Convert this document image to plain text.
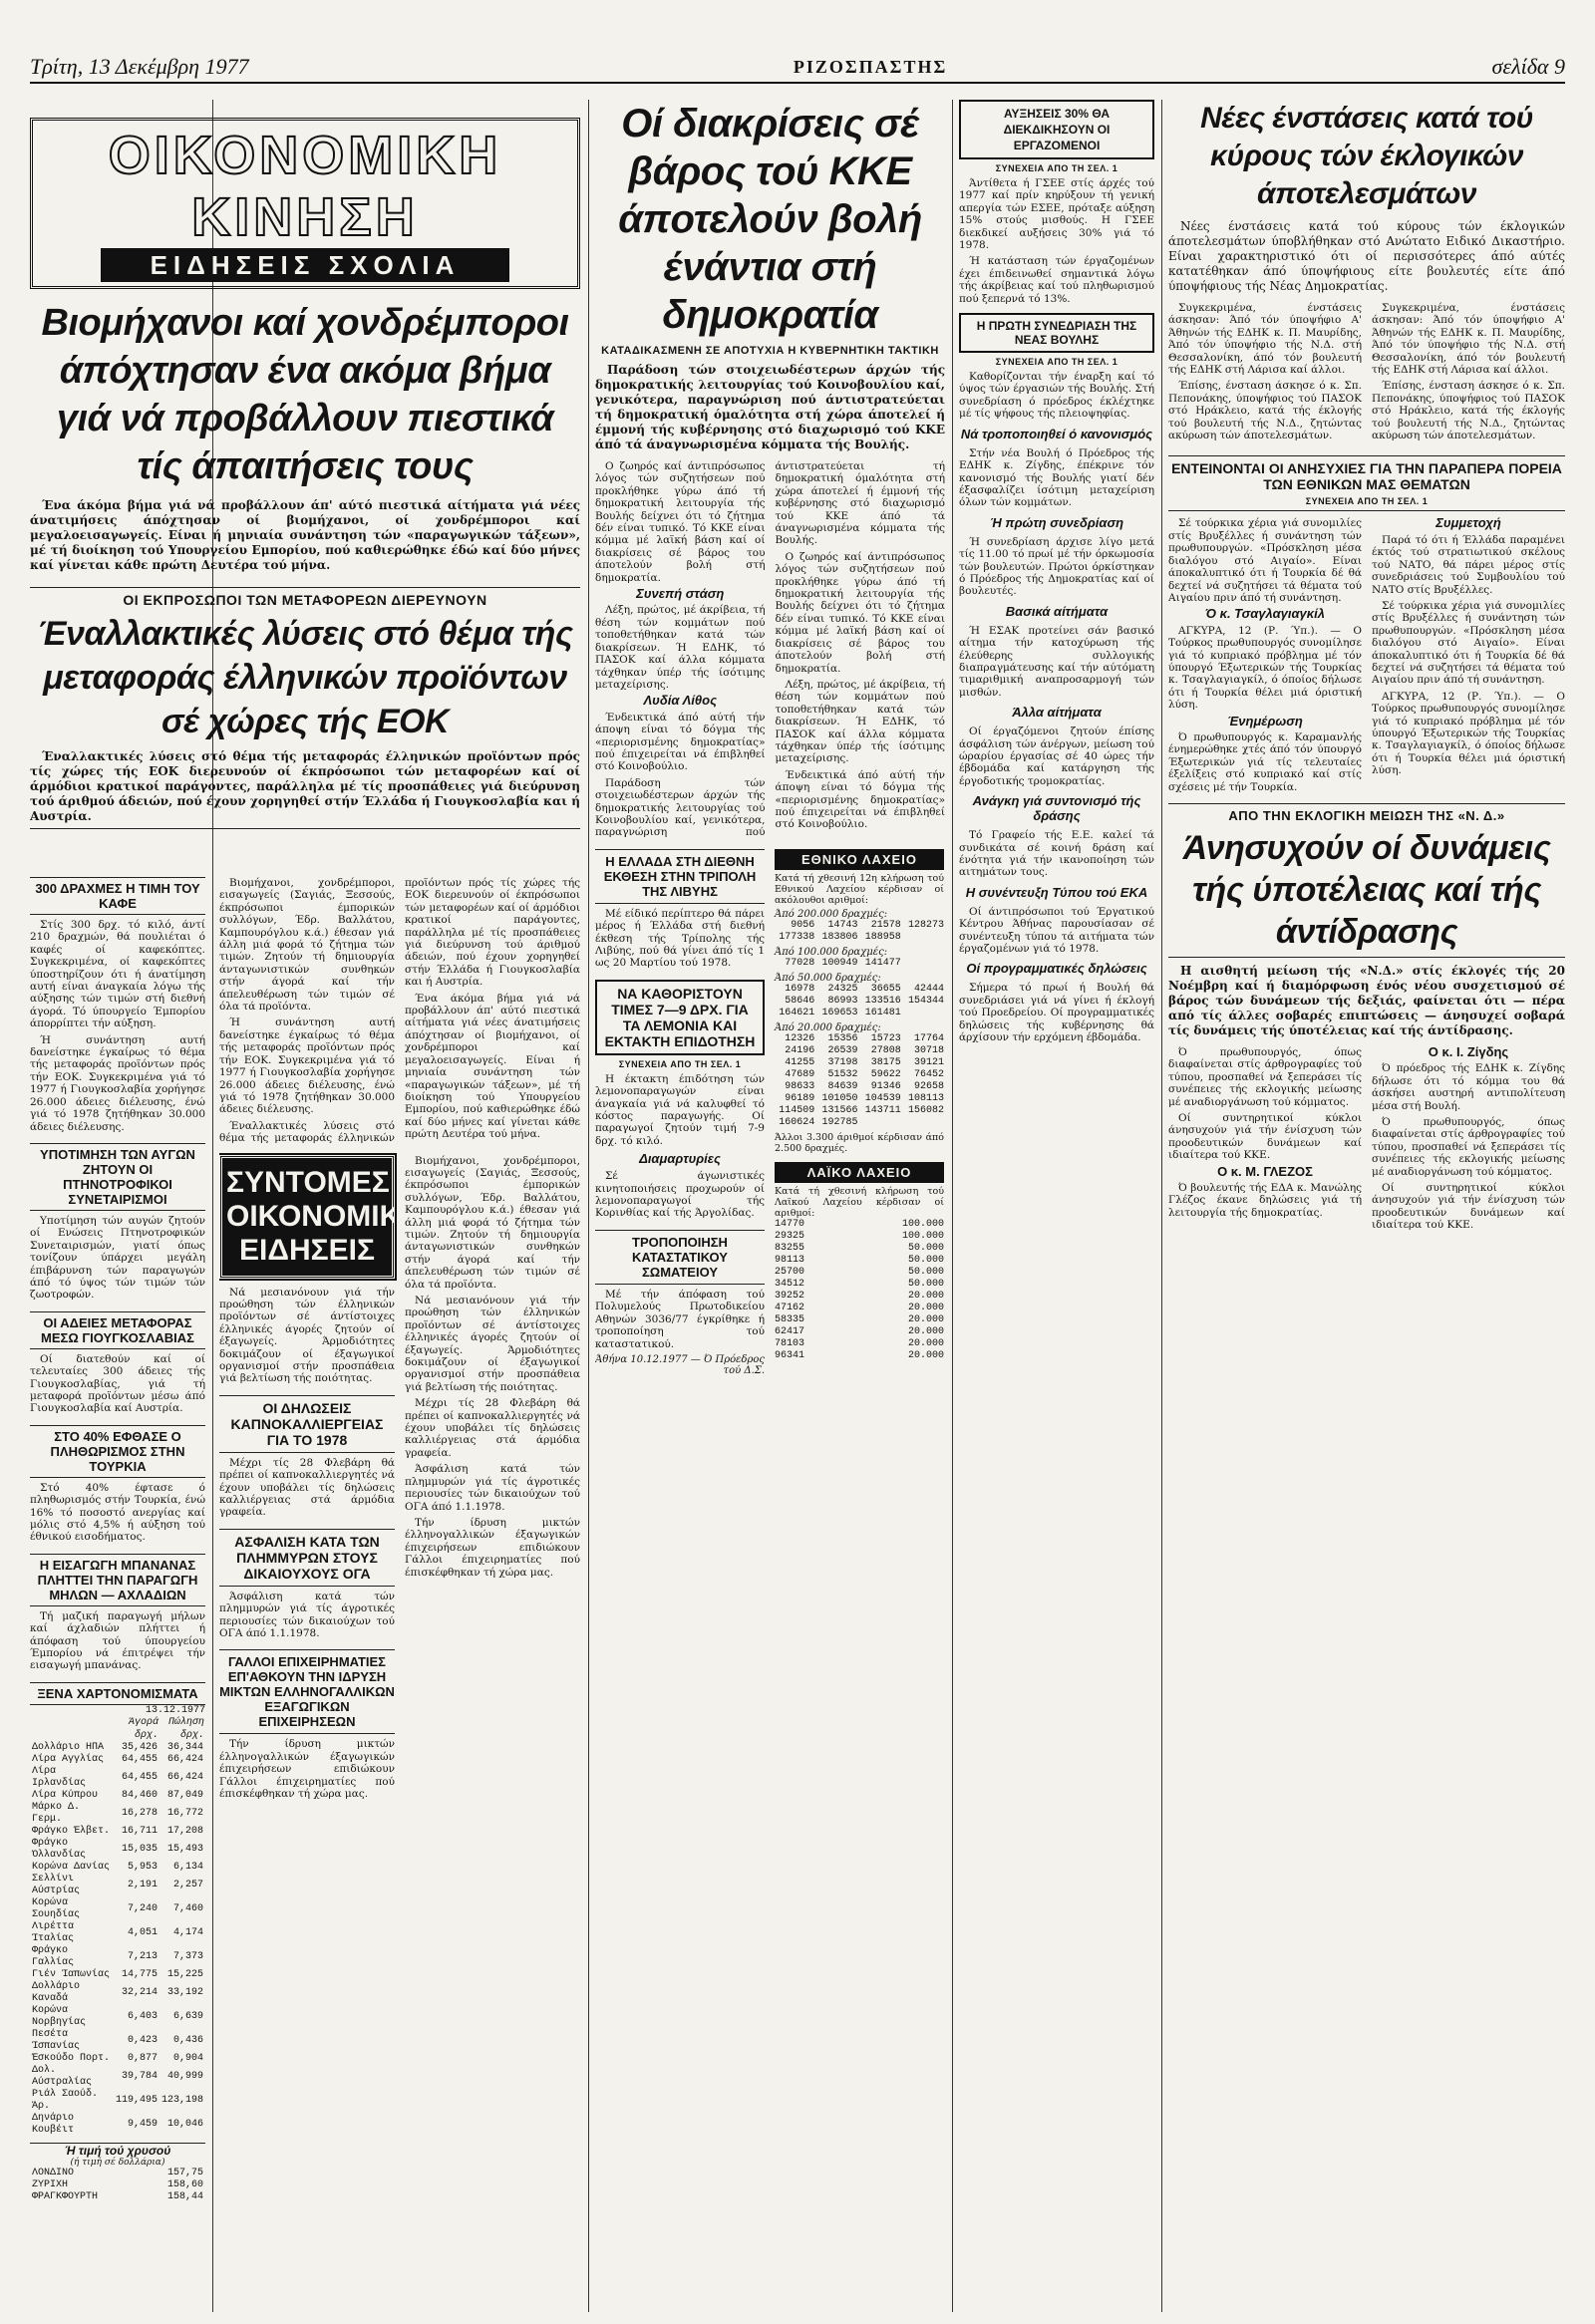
Τρίτη, 13 Δεκέμβρη 1977	ΡΙΖΟΣΠΑΣΤΗΣ	σελίδα 9
ΟΙΚΟΝΟΜΙΚΗ ΚΙΝΗΣΗ
ΕΙΔΗΣΕΙΣ ΣΧΟΛΙΑ
Βιομήχανοι καί χονδρέμποροι άπόχτησαν ένα ακόμα βήμα γιά νά προβάλλουν πιεστικά τίς άπαιτήσεις τους
Ένα άκόμα βήμα γιά νά προβάλλουν άπ' αύτό πιεστικά αίτήματα γιά νέες άνατιμήσεις άπόχτησαν οί βιομήχανοι, οί χονδρέμποροι καί μεγαλοεισαγωγείς. Είναι ή μηνιαία συνάντηση τών «παραγωγικών τάξεων», μέ τή διοίκηση τού Υπουργείου Εμπορίου, πού καθιερώθηκε έδώ καί δύο μήνες καί γίνεται κάθε πρώτη Δευτέρα τού μήνα.
ΟΙ ΕΚΠΡΟΣΩΠΟΙ ΤΩΝ ΜΕΤΑΦΟΡΕΩΝ ΔΙΕΡΕΥΝΟΥΝ
Έναλλακτικές λύσεις στό θέμα τής μεταφοράς έλληνικών προϊόντων σέ χώρες τής ΕΟΚ
Έναλλακτικές λύσεις στό θέμα τής μεταφοράς έλληνικών προϊόντων πρός τίς χώρες τής ΕΟΚ διερευνούν οί έκπρόσωποι τών μεταφορέων καί οί άρμόδιοι κρατικοί παράγοντες, παράλληλα μέ τίς προσπάθειες γιά διεύρυνση τού άριθμού άδειών, πού έχουν χορηγηθεί στήν Έλλάδα ή Γιουγκοσλαβία και ή Αυστρία.
300 ΔΡΑΧΜΕΣ Η ΤΙΜΗ ΤΟΥ ΚΑΦΕ

Στίς 300 δρχ. τό κιλό, άντί 210 δραχμών, θά πουλιέται ό καφές οί καφεκόπτες. Συγκεκριμένα, οί καφεκόπτες ύποστηρίζουν ότι ή άνατίμηση αυτή είναι άναγκαία λόγω τής αύξησης τών τιμών στή διεθνή άγορά. Τό ύπουργείο Έμπορίου άπορρίπτει τήν αύξηση.

Ή συνάντηση αυτή δανείστηκε έγκαίρως τό θέμα τής μεταφοράς προϊόντων πρός τήν ΕΟΚ. Συγκεκριμένα γιά τό 1977 ή Γιουγκοσλαβία χορήγησε 26.000 άδειες διέλευσης, ένώ γιά τό 1978 ζητήθηκαν 30.000 άδειες διέλευσης.

ΥΠΟΤΙΜΗΣΗ ΤΩΝ ΑΥΓΩΝ ΖΗΤΟΥΝ ΟΙ ΠΤΗΝΟΤΡΟΦΙΚΟΙ ΣΥΝΕΤΑΙΡΙΣΜΟΙ

Υποτίμηση τών αυγών ζητούν οί Ενώσεις Πτηνοτροφικών Συνεταιρισμών, γιατί όπως τονίζουν ύπάρχει μεγάλη έπιβάρυνση τών παραγωγών άπό τό ύψος τών τιμών τών ζωοτροφών.

ΟΙ ΑΔΕΙΕΣ ΜΕΤΑΦΟΡΑΣ ΜΕΣΩ ΓΙΟΥΓΚΟΣΛΑΒΙΑΣ

Οί διατεθούν καί οί τελευταίες 300 άδειες τής Γιουγκοσλαβίας, γιά τή μεταφορά προϊόντων μέσω άπό Γιουγκοσλαβία καί Αυστρία.

ΣΤΟ 40% ΕΦΘΑΣΕ Ο ΠΛΗΘΩΡΙΣΜΟΣ ΣΤΗΝ ΤΟΥΡΚΙΑ

Στό 40% έφτασε ό πληθωρισμός στήν Τουρκία, ένώ 16% τό ποσοστό ανεργίας καί μόλις στό 4,5% ή αύξηση τού έθνικού εισοδήματος.

Η ΕΙΣΑΓΩΓΗ ΜΠΑΝΑΝΑΣ ΠΛΗΤΤΕΙ ΤΗΝ ΠΑΡΑΓΩΓΗ ΜΗΛΩΝ — ΑΧΛΑΔΙΩΝ

Τή μαζική παραγωγή μήλων καί άχλαδιών πλήττει ή άπόφαση τού ύπουργείου Έμπορίου νά έπιτρέψει τήν εισαγωγή μπανάνας.

ΞΕΝΑ ΧΑΡΤΟΝΟΜΙΣΜΑΤΑ
13.12.1977
	Άγορά	Πώληση
	δρχ.	δρχ.
Δολλάριο ΗΠΑ	35,426	36,344
Λίρα Αγγλίας	64,455	66,424
Λίρα Ιρλανδίας	64,455	66,424
Λίρα Κύπρου	84,460	87,049
Μάρκο Δ. Γερμ.	16,278	16,772
Φράγκο Έλβετ.	16,711	17,208
Φράγκο Όλλανδίας	15,035	15,493
Κορώνα Δανίας	5,953	6,134
Σελλίνι Αύστρίας	2,191	2,257
Κορώνα Σουηδίας	7,240	7,460
Λιρέττα Ίταλίας	4,051	4,174
Φράγκο Γαλλίας	7,213	7,373
Γιέν Ίαπωνίας	14,775	15,225
Δολλάριο Καναδά	32,214	33,192
Κορώνα Νορβηγίας	6,403	6,639
Πεσέτα Ίσπανίας	0,423	0,436
Έσκούδο Πορτ.	0,877	0,904
Δολ. Αύστραλίας	39,784	40,999
Ριάλ Σαούδ. Άρ.	119,495	123,198
Δηνάριο Κουβέιτ	9,459	10,046
Ή τιμή τού χρυσού
(ή τιμή σέ δολλάρια)
ΛΟΝΔΙΝΟ	157,75
ΖΥΡΙΧΗ	158,60
ΦΡΑΓΚΦΟΥΡΤΗ	158,44

Βιομήχανοι, χονδρέμποροι, εισαγωγείς (Σαγιάς, Ξεσσούς, έκπρόσωποι έμπορικών συλλόγων, Έδρ. Βαλλάτου, Καμπουρόγλου κ.ά.) έθεσαν γιά άλλη μιά φορά τό ζήτημα τών τιμών. Ζητούν τή δημιουργία άνταγωνιστικών συνθηκών στήν άγορά καί τήν άπελευθέρωση τών τιμών σέ όλα τά προϊόντα.

Ή συνάντηση αυτή δανείστηκε έγκαίρως τό θέμα τής μεταφοράς προϊόντων πρός τήν ΕΟΚ. Συγκεκριμένα γιά τό 1977 ή Γιουγκοσλαβία χορήγησε 26.000 άδειες διέλευσης, ένώ γιά τό 1978 ζητήθηκαν 30.000 άδειες διέλευσης.

Έναλλακτικές λύσεις στό θέμα τής μεταφοράς έλληνικών προϊόντων πρός τίς χώρες τής ΕΟΚ διερευνούν οί έκπρόσωποι τών μεταφορέων καί οί άρμόδιοι κρατικοί παράγοντες, παράλληλα μέ τίς προσπάθειες γιά διεύρυνση τού άριθμού άδειών, πού έχουν χορηγηθεί στήν Έλλάδα ή Γιουγκοσλαβία και ή Αυστρία.

Ένα άκόμα βήμα γιά νά προβάλλουν άπ' αύτό πιεστικά αίτήματα γιά νέες άνατιμήσεις άπόχτησαν οί βιομήχανοι, οί χονδρέμποροι καί μεγαλοεισαγωγείς. Είναι ή μηνιαία συνάντηση τών «παραγωγικών τάξεων», μέ τή διοίκηση τού Υπουργείου Εμπορίου, πού καθιερώθηκε έδώ καί δύο μήνες καί γίνεται κάθε πρώτη Δευτέρα τού μήνα.

ΣΥΝΤΟΜΕΣ ΟΙΚΟΝΟΜΙΚΕΣ ΕΙΔΗΣΕΙΣ

Νά μεσιανόνουν γιά τήν προώθηση τών έλληνικών προϊόντων σέ άντίστοιχες έλληνικές άγορές ζητούν οί έξαγωγείς. Άρμοδιότητες δοκιμάζουν οί έξαγωγικοί οργανισμοί στήν προσπάθεια γιά βελτίωση τής ποιότητας.

ΟΙ ΔΗΛΩΣΕΙΣ ΚΑΠΝΟΚΑΛΛΙΕΡΓΕΙΑΣ ΓΙΑ ΤΟ 1978

Μέχρι τίς 28 Φλεβάρη θά πρέπει οί καπνοκαλλιεργητές νά έχουν υποβάλει τίς δηλώσεις καλλιέργειας στά άρμόδια γραφεία.

ΑΣΦΑΛΙΣΗ ΚΑΤΑ ΤΩΝ ΠΛΗΜΜΥΡΩΝ ΣΤΟΥΣ ΔΙΚΑΙΟΥΧΟΥΣ ΟΓΑ

Άσφάλιση κατά τών πλημμυρών γιά τίς άγροτικές περιουσίες τών δικαιούχων τού ΟΓΑ άπό 1.1.1978.

ΓΑΛΛΟΙ ΕΠΙΧΕΙΡΗΜΑΤΙΕΣ ΕΠ'ΑΘΚΟΥΝ ΤΗΝ ΙΔΡΥΣΗ ΜΙΚΤΩΝ ΕΛΛΗΝΟΓΑΛΛΙΚΩΝ ΕΞΑΓΩΓΙΚΩΝ ΕΠΙΧΕΙΡΗΣΕΩΝ

Τήν ίδρυση μικτών έλληνογαλλικών έξαγωγικών έπιχειρήσεων επιδιώκουν Γάλλοι έπιχειρηματίες πού έπισκέφθηκαν τή χώρα μας.

Βιομήχανοι, χονδρέμποροι, εισαγωγείς (Σαγιάς, Ξεσσούς, έκπρόσωποι έμπορικών συλλόγων, Έδρ. Βαλλάτου, Καμπουρόγλου κ.ά.) έθεσαν γιά άλλη μιά φορά τό ζήτημα τών τιμών. Ζητούν τή δημιουργία άνταγωνιστικών συνθηκών στήν άγορά καί τήν άπελευθέρωση τών τιμών σέ όλα τά προϊόντα.

Νά μεσιανόνουν γιά τήν προώθηση τών έλληνικών προϊόντων σέ άντίστοιχες έλληνικές άγορές ζητούν οί έξαγωγείς. Άρμοδιότητες δοκιμάζουν οί έξαγωγικοί οργανισμοί στήν προσπάθεια γιά βελτίωση τής ποιότητας.

Μέχρι τίς 28 Φλεβάρη θά πρέπει οί καπνοκαλλιεργητές νά έχουν υποβάλει τίς δηλώσεις καλλιέργειας στά άρμόδια γραφεία.

Άσφάλιση κατά τών πλημμυρών γιά τίς άγροτικές περιουσίες τών δικαιούχων τού ΟΓΑ άπό 1.1.1978.

Τήν ίδρυση μικτών έλληνογαλλικών έξαγωγικών έπιχειρήσεων επιδιώκουν Γάλλοι έπιχειρηματίες πού έπισκέφθηκαν τή χώρα μας.

Οί διακρίσεις σέ βάρος τού ΚΚΕ άποτελούν βολή ένάντια στή δημοκρατία
ΚΑΤΑΔΙΚΑΣΜΕΝΗ ΣΕ ΑΠΟΤΥΧΙΑ Η ΚΥΒΕΡΝΗΤΙΚΗ ΤΑΚΤΙΚΗ
Παράδοση τών στοιχειωδέστερων άρχών τής δημοκρατικής λειτουργίας τού Κοινοβουλίου καί, γενικότερα, παραγνώριση πού άντιστρατεύεται τή δημοκρατική όμαλότητα στή χώρα άποτελεί ή έμμονή τής κυβέρνησης στό διαχωρισμό τού ΚΚΕ άπό τά άναγνωρισμένα κόμματα τής Βουλής.

Ο ζωηρός καί άντιπρόσωπος λόγος τών συζητήσεων πού προκλήθηκε γύρω άπό τή δημοκρατική λειτουργία τής Βουλής δείχνει ότι τό ζήτημα δέν είναι τυπικό. Τό ΚΚΕ είναι κόμμα μέ λαϊκή βάση καί οί διακρίσεις σέ βάρος του άποτελούν βολή στή δημοκρατία.

Συνεπή στάση

Λέξη, πρώτος, μέ άκρίβεια, τή θέση τών κομμάτων πού τοποθετήθηκαν κατά τών διακρίσεων. Ή ΕΔΗΚ, τό ΠΑΣΟΚ καί άλλα κόμματα τάχθηκαν ύπέρ τής ίσότιμης μεταχείρισης.

Λυδία Λίθος

Ένδεικτικά άπό αύτή τήν άποψη είναι τό δόγμα τής «περιορισμένης δημοκρατίας» πού έπιχειρείται νά έπιβληθεί στό Κοινοβούλιο.

Παράδοση τών στοιχειωδέστερων άρχών τής δημοκρατικής λειτουργίας τού Κοινοβουλίου καί, γενικότερα, παραγνώριση πού άντιστρατεύεται τή δημοκρατική όμαλότητα στή χώρα άποτελεί ή έμμονή τής κυβέρνησης στό διαχωρισμό τού ΚΚΕ άπό τά άναγνωρισμένα κόμματα τής Βουλής.

Ο ζωηρός καί άντιπρόσωπος λόγος τών συζητήσεων πού προκλήθηκε γύρω άπό τή δημοκρατική λειτουργία τής Βουλής δείχνει ότι τό ζήτημα δέν είναι τυπικό. Τό ΚΚΕ είναι κόμμα μέ λαϊκή βάση καί οί διακρίσεις σέ βάρος του άποτελούν βολή στή δημοκρατία.

Λέξη, πρώτος, μέ άκρίβεια, τή θέση τών κομμάτων πού τοποθετήθηκαν κατά τών διακρίσεων. Ή ΕΔΗΚ, τό ΠΑΣΟΚ καί άλλα κόμματα τάχθηκαν ύπέρ τής ίσότιμης μεταχείρισης.

Ένδεικτικά άπό αύτή τήν άποψη είναι τό δόγμα τής «περιορισμένης δημοκρατίας» πού έπιχειρείται νά έπιβληθεί στό Κοινοβούλιο.

Η ΕΛΛΑΔΑ ΣΤΗ ΔΙΕΘΝΗ ΕΚΘΕΣΗ ΣΤΗΝ ΤΡΙΠΟΛΗ ΤΗΣ ΛΙΒΥΗΣ

Μέ είδικό περίπτερο θά πάρει μέρος ή Έλλάδα στή διεθνή έκθεση τής Τρίπολης τής Λιβύης, πού θά γίνει άπό τίς 1 ως 20 Μαρτίου τού 1978.

ΝΑ ΚΑΘΟΡΙΣΤΟΥΝ ΤΙΜΕΣ 7—9 ΔΡΧ. ΓΙΑ ΤΑ ΛΕΜΟΝΙΑ ΚΑΙ ΕΚΤΑΚΤΗ ΕΠΙΔΟΤΗΣΗ
ΣΥΝΕΧΕΙΑ ΑΠΟ ΤΗ ΣΕΛ. 1

Η έκτακτη έπιδότηση τών λεμονοπαραγωγών είναι άναγκαία γιά νά καλυφθεί τό κόστος παραγωγής. Οί παραγωγοί ζητούν τιμή 7-9 δρχ. τό κιλό.

Διαμαρτυρίες

Σέ άγωνιστικές κινητοποιήσεις προχωρούν οί λεμονοπαραγωγοί τής Κορινθίας καί τής Άργολίδας.

ΤΡΟΠΟΠΟΙΗΣΗ ΚΑΤΑΣΤΑΤΙΚΟΥ ΣΩΜΑΤΕΙΟΥ

Μέ τήν άπόφαση τού Πολυμελούς Πρωτοδικείου Αθηνών 3036/77 έγκρίθηκε ή τροποποίηση τού καταστατικού.

Άθήνα 10.12.1977 — Ό Πρόεδρος τού Δ.Σ.
ΕΘΝΙΚΟ ΛΑΧΕΙΟ
Κατά τή χθεσινή 12η κλήρωση τού Εθνικού Λαχείου κέρδισαν οί ακόλουθοι αριθμοί:
Άπό 200.000 δραχμές:
9056	14743	21578 128273
177338 183806 188958
Άπό 100.000 δραχμές:
77028 100949 141477
Άπό 50.000 δραχμές:
16978	24325	36655	42444
58646	86993 133516 154344
164621 169653 161481
Άπό 20.000 δραχμές:
12326	15356	15723	17764
24196	26539	27808	30718
41255	37198	38175	39121
47689	51532	59622	76452
98633	84639	91346	92658
96189 101050 104539 108113
114509 131566 143711 156082
160624 192785
Άλλοι 3.300 άριθμοί κέρδισαν άπό 2.500 δραχμές.
ΛΑΪΚΟ ΛΑΧΕΙΟ
Κατά τή χθεσινή κλήρωση τού Λαϊκού Λαχείου κέρδισαν οί αριθμοί:
14770	100.000
29325	100.000
83255	50.000
98113	50.000
25700	50.000
34512	50.000
39252	20.000
47162	20.000
58335	20.000
62417	20.000
78103	20.000
96341	20.000
ΑΥΞΗΣΕΙΣ 30% ΘΑ ΔΙΕΚΔΙΚΗΣΟΥΝ ΟΙ ΕΡΓΑΖΟΜΕΝΟΙ
ΣΥΝΕΧΕΙΑ ΑΠΟ ΤΗ ΣΕΛ. 1

Άντίθετα ή ΓΣΕΕ στίς άρχές τού 1977 καί πρίν κηρύξουν τή γενική απεργία τών ΕΣΕΕ, πρόταξε αύξηση 15% στούς μισθούς. Η ΓΣΕΕ διεκδικεί αυξήσεις 30% γιά τό 1978.

Ή κατάσταση τών έργαζομένων έχει έπιδεινωθεί σημαντικά λόγω τής άκρίβειας καί τού πληθωρισμού πού ξεπερνά τό 13%.

Η ΠΡΩΤΗ ΣΥΝΕΔΡΙΑΣΗ ΤΗΣ ΝΕΑΣ ΒΟΥΛΗΣ
ΣΥΝΕΧΕΙΑ ΑΠΟ ΤΗ ΣΕΛ. 1

Καθορίζονται τήν έναρξη καί τό ύψος τών έργασιών τής Βουλής. Στή συνεδρίαση ό πρόεδρος έκλέχτηκε μέ τίς ψήφους τής πλειοψηφίας.

Νά τροποποιηθεί ό κανονισμός

Στήν νέα Βουλή ό Πρόεδρος τής ΕΔΗΚ κ. Ζίγδης, έπέκρινε τόν κανονισμό τής Βουλής γιατί δέν έξασφαλίζει ίσότιμη μεταχείριση όλων τών κομμάτων.

Ή πρώτη συνεδρίαση

Ή συνεδρίαση άρχισε λίγο μετά τίς 11.00 τό πρωί μέ τήν όρκωμοσία τών βουλευτών. Πρώτοι όρκίστηκαν ό Πρόεδρος τής Δημοκρατίας καί οί βουλευτές.

Βασικά αίτήματα

Ή ΕΣΑΚ προτείνει σάν βασικό αίτημα τήν κατοχύρωση τής έλεύθερης συλλογικής διαπραγμάτευσης καί τήν αύτόματη τιμαριθμική αναπροσαρμογή τών μισθών.

Άλλα αίτήματα

Οί έργαζόμενοι ζητούν έπίσης άσφάλιση τών άνέργων, μείωση τού ώραρίου έργασίας σέ 40 ώρες τήν έβδομάδα καί κατάργηση τής έργοδοτικής τρομοκρατίας.

Ανάγκη γιά συντονισμό τής δράσης

Τό Γραφείο τής Ε.Ε. καλεί τά συνδικάτα σέ κοινή δράση καί ένότητα γιά τήν ικανοποίηση τών αιτημάτων τους.

Η συνέντευξη Τύπου τού ΕΚΑ

Οί άντιπρόσωποι τού Έργατικού Κέντρου Άθήνας παρουσίασαν σέ συνέντευξη τύπου τά αιτήματα τών έργαζομένων γιά τό 1978.

Οί προγραμματικές δηλώσεις

Σήμερα τό πρωί ή Βουλή θά συνεδριάσει γιά νά γίνει ή έκλογή τού Προεδρείου. Οί προγραμματικές δηλώσεις τής κυβέρνησης θά άρχίσουν τήν ερχόμενη έβδομάδα.

Νέες ένστάσεις κατά τού κύρους τών έκλογικών άποτελεσμάτων
Νέες ένστάσεις κατά τού κύρους τών έκλογικών άποτελεσμάτων ύποβλήθηκαν στό Ανώτατο Ειδικό Δικαστήριο. Είναι χαρακτηριστικό ότι οί περισσότερες άπό αύτές κατατέθηκαν άπό ύποψήφιους είτε βουλευτές είτε άπό ύποψήφιους τής Νέας Δημοκρατίας.

Συγκεκριμένα, ένστάσεις άσκησαν: Άπό τόν ύποψήφιο Α' Άθηνών τής ΕΔΗΚ κ. Π. Μαυρίδης, Άπό τόν ύποψήφιο τής Ν.Δ. στή Θεσσαλονίκη, άπό τόν βουλευτή τής ΕΔΗΚ στή Λάρισα καί άλλοι.

Έπίσης, ένσταση άσκησε ό κ. Σπ. Πεπονάκης, ύποψήφιος τού ΠΑΣΟΚ στό Ηράκλειο, κατά τής έκλογής τού βουλευτή τής Ν.Δ., ζητώντας ακύρωση τών άποτελεσμάτων.

Συγκεκριμένα, ένστάσεις άσκησαν: Άπό τόν ύποψήφιο Α' Άθηνών τής ΕΔΗΚ κ. Π. Μαυρίδης, Άπό τόν ύποψήφιο τής Ν.Δ. στή Θεσσαλονίκη, άπό τόν βουλευτή τής ΕΔΗΚ στή Λάρισα καί άλλοι.

Έπίσης, ένσταση άσκησε ό κ. Σπ. Πεπονάκης, ύποψήφιος τού ΠΑΣΟΚ στό Ηράκλειο, κατά τής έκλογής τού βουλευτή τής Ν.Δ., ζητώντας ακύρωση τών άποτελεσμάτων.

ΕΝΤΕΙΝΟΝΤΑΙ ΟΙ ΑΝΗΣΥΧΙΕΣ ΓΙΑ ΤΗΝ ΠΑΡΑΠΕΡΑ ΠΟΡΕΙΑ ΤΩΝ ΕΘΝΙΚΩΝ ΜΑΣ ΘΕΜΑΤΩΝ
ΣΥΝΕΧΕΙΑ ΑΠΟ ΤΗ ΣΕΛ. 1

Σέ τούρκικα χέρια γιά συνομιλίες στίς Βρυξέλλες ή συνάντηση τών πρωθυπουργών. «Πρόσκληση μέσα διαλόγου στό Αιγαίο». Είναι άποκαλυπτικό ότι ή Τουρκία δέ θά δεχτεί νά συζητήσει τά θέματα τού Αιγαίου πριν άπό τή συνάντηση.

Ό κ. Τσαγλαγιαγκίλ

ΑΓΚΥΡΑ, 12 (Ρ. Ύπ.). — Ο Τούρκος πρωθυπουργός συνομίλησε γιά τό κυπριακό πρόβλημα μέ τόν ύπουργό Έξωτερικών τής Τουρκίας κ. Τσαγλαγιαγκίλ, ό όποίος δήλωσε ότι ή Τουρκία θέλει μιά όριστική λύση.

Ένημέρωση

Ό πρωθυπουργός κ. Καραμανλής ένημερώθηκε χτές άπό τόν ύπουργό Έξωτερικών γιά τίς τελευταίες έξελίξεις στό κυπριακό καί στίς σχέσεις μέ τήν Τουρκία.

Συμμετοχή

Παρά τό ότι ή Έλλάδα παραμένει έκτός τού στρατιωτικού σκέλους τού ΝΑΤΟ, θά πάρει μέρος στίς συνεδριάσεις τού Συμβουλίου τού ΝΑΤΟ στίς Βρυξέλλες.

Σέ τούρκικα χέρια γιά συνομιλίες στίς Βρυξέλλες ή συνάντηση τών πρωθυπουργών. «Πρόσκληση μέσα διαλόγου στό Αιγαίο». Είναι άποκαλυπτικό ότι ή Τουρκία δέ θά δεχτεί νά συζητήσει τά θέματα τού Αιγαίου πριν άπό τή συνάντηση.

ΑΓΚΥΡΑ, 12 (Ρ. Ύπ.). — Ο Τούρκος πρωθυπουργός συνομίλησε γιά τό κυπριακό πρόβλημα μέ τόν ύπουργό Έξωτερικών τής Τουρκίας κ. Τσαγλαγιαγκίλ, ό όποίος δήλωσε ότι ή Τουρκία θέλει μιά όριστική λύση.

ΑΠΟ ΤΗΝ ΕΚΛΟΓΙΚΗ ΜΕΙΩΣΗ ΤΗΣ «Ν. Δ.»
Άνησυχούν οί δυνάμεις τής ύποτέλειας καί τής άντίδρασης
Η αισθητή μείωση τής «Ν.Δ.» στίς έκλογές τής 20 Νοέμβρη καί ή διαμόρφωση ένός νέου συσχετισμού σέ βάρος τών δυνάμεων τής δεξιάς, φαίνεται ότι — πέρα από τίς άλλες σοβαρές επιπτώσεις — άνησυχεί σοβαρά τίς δυνάμεις τής ύποτέλειας καί τής άντίδρασης.

Ό πρωθυπουργός, όπως διαφαίνεται στίς άρθρογραφίες τού τύπου, προσπαθεί νά ξεπεράσει τίς συνέπειες τής εκλογικής μείωσης μέ αναδιοργάνωση τού κόμματος.

Οί συντηρητικοί κύκλοι άνησυχούν γιά τήν ένίσχυση τών προοδευτικών δυνάμεων καί ιδιαίτερα τού ΚΚΕ.

Ο κ. Μ. ΓΛΕΖΟΣ

Ό βουλευτής τής ΕΔΑ κ. Μανώλης Γλέζος έκανε δηλώσεις γιά τή λειτουργία τής δημοκρατίας.

Ο κ. Ι. Ζίγδης

Ό πρόεδρος τής ΕΔΗΚ κ. Ζίγδης δήλωσε ότι τό κόμμα του θά άσκήσει αυστηρή αντιπολίτευση μέσα στή Βουλή.

Ό πρωθυπουργός, όπως διαφαίνεται στίς άρθρογραφίες τού τύπου, προσπαθεί νά ξεπεράσει τίς συνέπειες τής εκλογικής μείωσης μέ αναδιοργάνωση τού κόμματος.

Οί συντηρητικοί κύκλοι άνησυχούν γιά τήν ένίσχυση τών προοδευτικών δυνάμεων καί ιδιαίτερα τού ΚΚΕ.
